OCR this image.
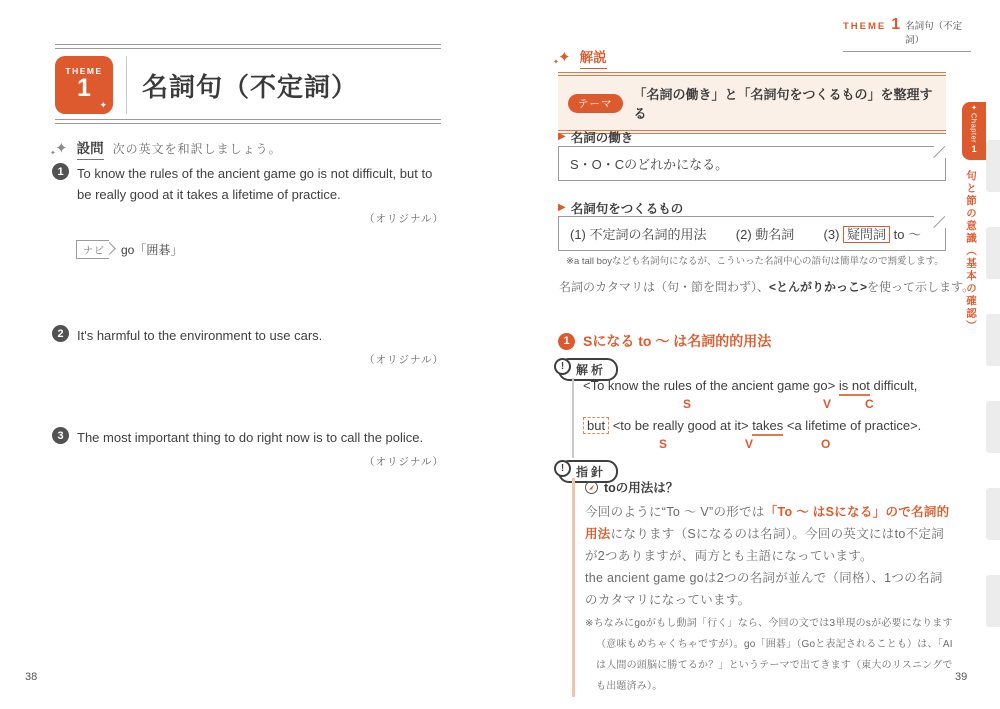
THEME
1
✦
名詞句（不定詞）
✦ ✦ 設問 次の英文を和訳しましょう。
1	To know the rules of the ancient game go is not difficult, but to be really good at it takes a lifetime of practice.
（オリジナル）
ナビ	go「囲碁」
2	It's harmful to the environment to use cars.
（オリジナル）
3	The most important thing to do right now is to call the police.
（オリジナル）
38
THEME 1 名詞句（不定詞）
✦ ✦ 解説
テーマ
「名詞の働き」と「名詞句をつくるもの」を整理する
▶ 名詞の働き
S・O・Cのどれかになる。
▶ 名詞句をつくるもの
(1) 不定詞の名詞的用法 (2) 動名詞 (3) 疑問詞 to ～
※a tall boyなども名詞句になるが、こういった名詞中心の語句は簡単なので割愛します。
名詞のカタマリは（句・節を問わず）、<とんがりかっこ>を使って示します。
1 Sになる to ～ は名詞的的用法
! 解析
<To know the rules of the ancient game go> is not difficult,
S	V	C
but <to be really good at it> takes <a lifetime of practice>.
S	V	O
! 指針
toの用法は？
今回のように“To ～ V”の形では「To ～ はSになる」ので名詞的用法になります（Sになるのは名詞）。今回の英文にはto不定詞が2つありますが、両方とも主語になっています。
the ancient game goは2つの名詞が並んで（同格）、1つの名詞のカタマリになっています。
※ちなみにgoがもし動詞「行く」なら、今回の文では3単現のsが必要になります（意味もめちゃくちゃですが）。go「囲碁」（Goと表記されることも）は、「AIは人間の頭脳に勝てるか？」というテーマで出てきます（東大のリスニングでも出題済み）。
39
✦
Chapter
1
句と節の意識（基本の確認）
